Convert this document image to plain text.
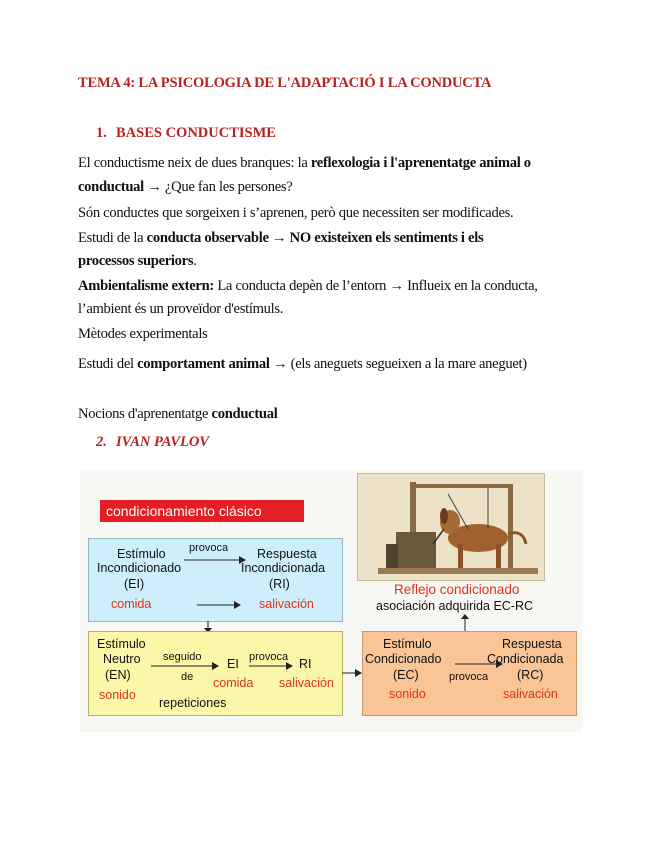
TEMA 4: LA PSICOLOGIA DE L'ADAPTACIÓ I LA CONDUCTA
1. BASES CONDUCTISME
El conductisme neix de dues branques: la reflexologia i l'aprenentatge animal o
conductual → ¿Que fan les persones?
Són conductes que sorgeixen i s’aprenen, però que necessiten ser modificades.
Estudi de la conducta observable → NO existeixen els sentiments i els
processos superiors.
Ambientalisme extern: La conducta depèn de l’entorn → Influeix en la conducta,
l’ambient és un proveïdor d'estímuls.
Mètodes experimentals
Estudi del comportament animal → (els aneguets segueixen a la mare aneguet)
Nocions d'aprenentatge conductual
2. IVAN PAVLOV
condicionamiento clásico
Reflejo condicionado
asociación adquirida EC-RC
Estímulo
Incondicionado
(EI)
comida
provoca Respuesta
Incondicionada
(RI)
salivación
Estímulo
Neutro
(EN)
sonido
seguido
de
EI provoca RI
comida salivación
repeticiones
Estímulo
Condicionado
(EC)
sonido
provoca
Respuesta
Condicionada
(RC)
salivación
